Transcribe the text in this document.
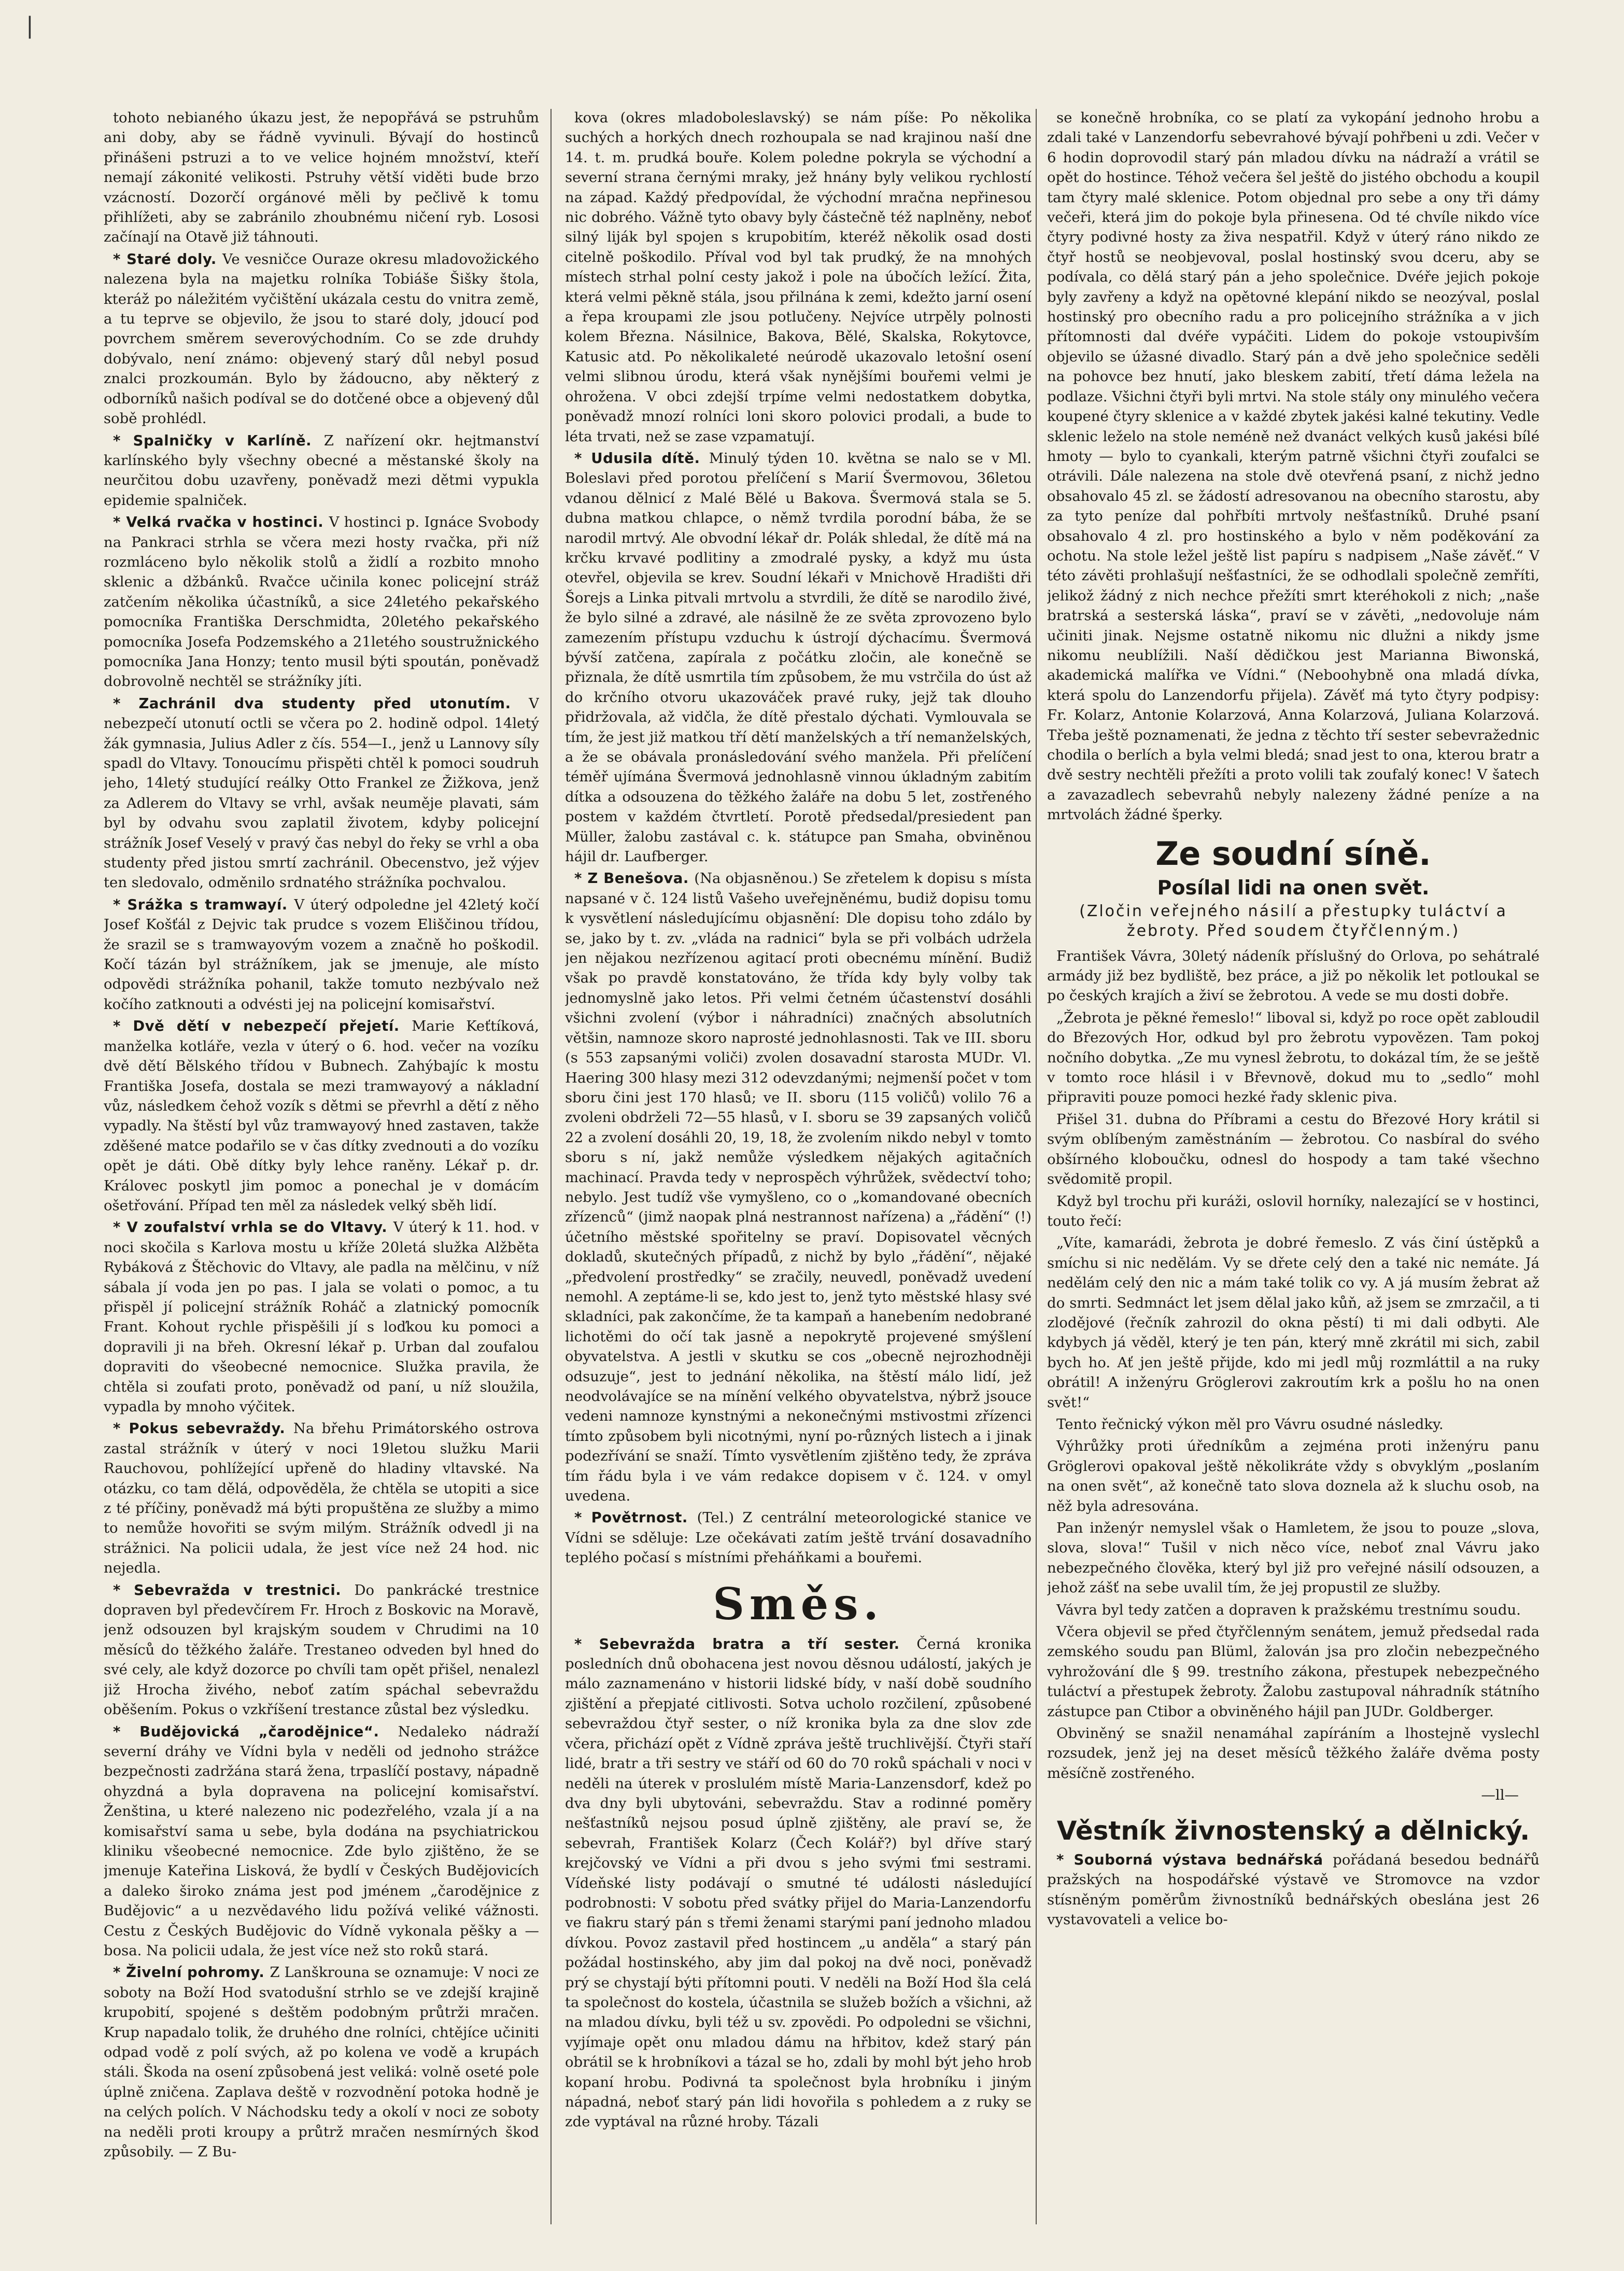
|

tohoto nebianého úkazu jest, že nepopřává se pstruhům ani doby, aby se řádně vyvinuli. Bývají do hostinců přinášeni pstruzi a to ve velice hojném množství, kteří nemají zákonité velikosti. Pstruhy větší viděti bude brzo vzácností. Dozorčí orgánové měli by pečlivě k tomu přihlížeti, aby se zabránilo zhoubnému ničení ryb. Lososi začínají na Otavě již táhnouti.

* Staré doly. Ve vesničce Ouraze okresu mladovožického nalezena byla na majetku rolníka Tobiáše Šišky štola, kteráž po náležitém vyčištění ukázala cestu do vnitra země, a tu teprve se objevilo, že jsou to staré doly, jdoucí pod povrchem směrem severovýchodním. Co se zde druhdy dobývalo, není známo: objevený starý důl nebyl posud znalci prozkoumán. Bylo by žádoucno, aby některý z odborníků našich podíval se do dotčené obce a objevený důl sobě prohlédl.

* Spalničky v Karlíně. Z nařízení okr. hejtmanství karlínského byly všechny obecné a městanské školy na neurčitou dobu uzavřeny, poněvadž mezi dětmi vypukla epidemie spalniček.

* Velká rvačka v hostinci. V hostinci p. Ignáce Svobody na Pankraci strhla se včera mezi hosty rvačka, při níž rozmláceno bylo několik stolů a židlí a rozbito mnoho sklenic a džbánků. Rvačce učinila konec policejní stráž zatčením několika účastníků, a sice 24letého pekařského pomocníka Františka Derschmidta, 20letého pekařského pomocníka Josefa Podzemského a 21letého soustružnického pomocníka Jana Honzy; tento musil býti spoután, poněvadž dobrovolně nechtěl se strážníky jíti.

* Zachránil dva studenty před utonutím. V nebezpečí utonutí octli se včera po 2. hodině odpol. 14letý žák gymnasia, Julius Adler z čís. 554—I., jenž u Lannovy síly spadl do Vltavy. Tonoucímu přispěti chtěl k pomoci soudruh jeho, 14letý studující reálky Otto Frankel ze Žižkova, jenž za Adlerem do Vltavy se vrhl, avšak neuměje plavati, sám byl by odvahu svou zaplatil životem, kdyby policejní strážník Josef Veselý v pravý čas nebyl do řeky se vrhl a oba studenty před jistou smrtí zachránil. Obecenstvo, jež výjev ten sledovalo, odměnilo srdnatého strážníka pochvalou.

* Srážka s tramwayí. V úterý odpoledne jel 42letý kočí Josef Košťál z Dejvic tak prudce s vozem Eliščinou třídou, že srazil se s tramwayovým vozem a značně ho poškodil. Kočí tázán byl strážníkem, jak se jmenuje, ale místo odpovědi strážníka pohanil, takže tomuto nezbývalo než kočího zatknouti a odvésti jej na policejní komisařství.

* Dvě dětí v nebezpečí přejetí. Marie Keťtíková, manželka kotláře, vezla v úterý o 6. hod. večer na vozíku dvě dětí Bělského třídou v Bubnech. Zahýbajíc k mostu Františka Josefa, dostala se mezi tramwayový a nákladní vůz, následkem čehož vozík s dětmi se převrhl a dětí z něho vypadly. Na štěstí byl vůz tramwayový hned zastaven, takže zděšené matce podařilo se v čas dítky zvednouti a do vozíku opět je dáti. Obě dítky byly lehce raněny. Lékař p. dr. Královec poskytl jim pomoc a ponechal je v domácím ošetřování. Případ ten měl za následek velký sběh lidí.

* V zoufalství vrhla se do Vltavy. V úterý k 11. hod. v noci skočila s Karlova mostu u kříže 20letá služka Alžběta Rybáková z Štěchovic do Vltavy, ale padla na mělčinu, v níž sábala jí voda jen po pas. I jala se volati o pomoc, a tu přispěl jí policejní strážník Roháč a zlatnický pomocník Frant. Kohout rychle přispěšili jí s loďkou ku pomoci a dopravili ji na břeh. Okresní lékař p. Urban dal zoufalou dopraviti do všeobecné nemocnice. Služka pravila, že chtěla si zoufati proto, poněvadž od paní, u níž sloužila, vypadla by mnoho výčitek.

* Pokus sebevraždy. Na břehu Primátorského ostrova zastal strážník v úterý v noci 19letou služku Marii Rauchovou, pohlížející upřeně do hladiny vltavské. Na otázku, co tam dělá, odpověděla, že chtěla se utopiti a sice z té příčiny, poněvadž má býti propuštěna ze služby a mimo to nemůže hovořiti se svým milým. Strážník odvedl ji na strážnici. Na policii udala, že jest více než 24 hod. nic nejedla.

* Sebevražda v trestnici. Do pankrácké trestnice dopraven byl předevčírem Fr. Hroch z Boskovic na Moravě, jenž odsouzen byl krajským soudem v Chrudimi na 10 měsíců do těžkého žaláře. Trestaneo odveden byl hned do své cely, ale když dozorce po chvíli tam opět přišel, nenalezl již Hrocha živého, neboť zatím spáchal sebevraždu oběšením. Pokus o vzkříšení trestance zůstal bez výsledku.

* Budějovická „čarodějnice“. Nedaleko nádraží severní dráhy ve Vídni byla v neděli od jednoho strážce bezpečnosti zadržána stará žena, trpaslíčí postavy, nápadně ohyzdná a byla dopravena na policejní komisařství. Ženština, u které nalezeno nic podezřelého, vzala jí a na komisařství sama u sebe, byla dodána na psychiatrickou kliniku všeobecné nemocnice. Zde bylo zjištěno, že se jmenuje Kateřina Lisková, že bydlí v Českých Budějovicích a daleko široko známa jest pod jménem „čarodějnice z Budějovic“ a u nezvědavého lidu požívá veliké vážnosti. Cestu z Českých Budějovic do Vídně vykonala pěšky a — bosa. Na policii udala, že jest více než sto roků stará.

* Živelní pohromy. Z Lanškrouna se oznamuje: V noci ze soboty na Boží Hod svatodušní strhlo se ve zdejší krajině krupobití, spojené s deštěm podobným průtrži mračen. Krup napadalo tolik, že druhého dne rolníci, chtějíce učiniti odpad vodě z polí svých, až po kolena ve vodě a krupách stáli. Škoda na osení způsobená jest veliká: volně oseté pole úplně zničena. Zaplava deště v rozvodnění potoka hodně je na celých polích. V Náchodsku tedy a okolí v noci ze soboty na neděli proti kroupy a průtrž mračen nesmírných škod způsobily. — Z Bu-

kova (okres mladoboleslavský) se nám píše: Po několika suchých a horkých dnech rozhoupala se nad krajinou naší dne 14. t. m. prudká bouře. Kolem poledne pokryla se východní a severní strana černými mraky, jež hnány byly velikou rychlostí na západ. Každý předpovídal, že východní mračna nepřinesou nic dobrého. Vážně tyto obavy byly částečně též naplněny, neboť silný liják byl spojen s krupobitím, kteréž několik osad dosti citelně poškodilo. Příval vod byl tak prudký, že na mnohých místech strhal polní cesty jakož i pole na úbočích ležící. Žita, která velmi pěkně stála, jsou přilnána k zemi, kdežto jarní osení a řepa kroupami zle jsou potlučeny. Nejvíce utrpěly polnosti kolem Března. Násilnice, Bakova, Bělé, Skalska, Rokytovce, Katusic atd. Po několikaleté neúrodě ukazovalo letošní osení velmi slibnou úrodu, která však nynějšími bouřemi velmi je ohrožena. V obci zdejší trpíme velmi nedostatkem dobytka, poněvadž mnozí rolníci loni skoro polovici prodali, a bude to léta trvati, než se zase vzpamatují.

* Udusila dítě. Minulý týden 10. května se nalo se v Ml. Boleslavi před porotou přelíčení s Marií Švermovou, 36letou vdanou dělnicí z Malé Bělé u Bakova. Švermová stala se 5. dubna matkou chlapce, o němž tvrdila porodní bába, že se narodil mrtvý. Ale obvodní lékař dr. Polák shledal, že dítě má na krčku krvavé podlitiny a zmodralé pysky, a když mu ústa otevřel, objevila se krev. Soudní lékaři v Mnichově Hradišti dři Šorejs a Linka pitvali mrtvolu a stvrdili, že dítě se narodilo živé, že bylo silné a zdravé, ale násilně že ze světa zprovozeno bylo zamezením přístupu vzduchu k ústrojí dýchacímu. Švermová bývší zatčena, zapírala z počátku zločin, ale konečně se přiznala, že dítě usmrtila tím způsobem, že mu vstrčila do úst až do krčního otvoru ukazováček pravé ruky, jejž tak dlouho přidržovala, až vidčla, že dítě přestalo dýchati. Vymlouvala se tím, že jest již matkou tří dětí manželských a tří nemanželských, a že se obávala pronásledování svého manžela. Při přelíčení téměř ujímána Švermová jednohlasně vinnou úkladným zabitím dítka a odsouzena do těžkého žaláře na dobu 5 let, zostřeného postem v každém čtvrtletí. Porotě předsedal/presiedent pan Müller, žalobu zastával c. k. státupce pan Smaha, obviněnou hájil dr. Laufberger.

* Z Benešova. (Na objasněnou.) Se zřetelem k dopisu s místa napsané v č. 124 listů Vašeho uveřejněnému, budiž dopisu tomu k vysvětlení následujícímu objasnění: Dle dopisu toho zdálo by se, jako by t. zv. „vláda na radnici“ byla se při volbách udržela jen nějakou nezřízenou agitací proti obecnému mínění. Budiž však po pravdě konstatováno, že třída kdy byly volby tak jednomyslně jako letos. Při velmi četném účastenství dosáhli všichni zvolení (výbor i náhradníci) značných absolutních většin, namnoze skoro naprosté jednohlasnosti. Tak ve III. sboru (s 553 zapsanými voliči) zvolen dosavadní starosta MUDr. Vl. Haering 300 hlasy mezi 312 odevzdanými; nejmenší počet v tom sboru čini jest 170 hlasů; ve II. sboru (115 voličů) volilo 76 a zvoleni obdrželi 72—55 hlasů, v I. sboru se 39 zapsaných voličů 22 a zvolení dosáhli 20, 19, 18, že zvolením nikdo nebyl v tomto sboru s ní, jakž nemůže výsledkem nějakých agitačních machinací. Pravda tedy v neprospěch výhrůžek, svědectví toho; nebylo. Jest tudíž vše vymyšleno, co o „komandované obecních zřízenců“ (jimž naopak plná nestrannost nařízena) a „řádění“ (!) účetního městské spořitelny se praví. Dopisovatel věcných dokladů, skutečných případů, z nichž by bylo „řádění“, nějaké „předvolení prostředky“ se zračily, neuvedl, poněvadž uvedení nemohl. A zeptáme-li se, kdo jest to, jenž tyto městské hlasy své skladníci, pak zakončíme, že ta kampaň a hanebením nedobrané lichotěmi do očí tak jasně a nepokrytě projevené smýšlení obyvatelstva. A jestli v skutku se cos „obecně nejrozhodněji odsuzuje“, jest to jednání několika, na štěstí málo lidí, jež neodvolávajíce se na mínění velkého obyvatelstva, nýbrž jsouce vedeni namnoze kynstnými a nekonečnými mstivostmi zřízenci tímto způsobem byli nicotnými, nyní po-různých listech a i jinak podezřívání se snaží. Tímto vysvětlením zjištěno tedy, že zpráva tím řádu byla i ve vám redakce dopisem v č. 124. v omyl uvedena.

* Povětrnost. (Tel.) Z centrální meteorologické stanice ve Vídni se sděluje: Lze očekávati zatím ještě trvání dosavadního teplého počasí s místními přeháňkami a bouřemi.

Směs.

* Sebevražda bratra a tří sester. Černá kronika posledních dnů obohacena jest novou děsnou událostí, jakých je málo zaznamenáno v historii lidské bídy, v naší době soudního zjištění a přepjaté citlivosti. Sotva ucholo rozčilení, způsobené sebevraždou čtyř sester, o níž kronika byla za dne slov zde včera, přichází opět z Vídně zpráva ještě truchlivější. Čtyři staří lidé, bratr a tři sestry ve stáří od 60 do 70 roků spáchali v noci v neděli na úterek v proslulém místě Maria-Lanzensdorf, kdež po dva dny byli ubytováni, sebevraždu. Stav a rodinné poměry nešťastníků nejsou posud úplně zjištěny, ale praví se, že sebevrah, František Kolarz (Čech Kolář?) byl dříve starý krejčovský ve Vídni a při dvou s jeho svými ťmi sestrami. Vídeňské listy podávají o smutné té události následující podrobnosti: V sobotu před svátky přijel do Maria-Lanzendorfu ve fiakru starý pán s třemi ženami starými paní jednoho mladou dívkou. Povoz zastavil před hostincem „u anděla“ a starý pán požádal hostinského, aby jim dal pokoj na dvě noci, poněvadž prý se chystají býti přítomni pouti. V neděli na Boží Hod šla celá ta společnost do kostela, účastnila se služeb božích a všichni, až na mladou dívku, byli též u sv. zpovědi. Po odpoledni se všichni, vyjímaje opět onu mladou dámu na hřbitov, kdež starý pán obrátil se k hrobníkovi a tázal se ho, zdali by mohl být jeho hrob kopaní hrobu. Podivná ta společnost byla hrobníku i jiným nápadná, neboť starý pán lidi hovořila s pohledem a z ruky se zde vyptával na různé hroby. Tázali

se konečně hrobníka, co se platí za vykopání jednoho hrobu a zdali také v Lanzendorfu sebevrahové bývají pohřbeni u zdi. Večer v 6 hodin doprovodil starý pán mladou dívku na nádraží a vrátil se opět do hostince. Téhož večera šel ještě do jistého obchodu a koupil tam čtyry malé sklenice. Potom objednal pro sebe a ony tři dámy večeři, která jim do pokoje byla přinesena. Od té chvíle nikdo více čtyry podivné hosty za živa nespatřil. Když v úterý ráno nikdo ze čtyř hostů se neobjevoval, poslal hostinský svou dceru, aby se podívala, co dělá starý pán a jeho společnice. Dvéře jejich pokoje byly zavřeny a když na opětovné klepání nikdo se neozýval, poslal hostinský pro obecního radu a pro policejního strážníka a v jich přítomnosti dal dvéře vypáčiti. Lidem do pokoje vstoupivším objevilo se úžasné divadlo. Starý pán a dvě jeho společnice seděli na pohovce bez hnutí, jako bleskem zabití, třetí dáma ležela na podlaze. Všichni čtyři byli mrtvi. Na stole stály ony minulého večera koupené čtyry sklenice a v každé zbytek jakési kalné tekutiny. Vedle sklenic leželo na stole neméně než dvanáct velkých kusů jakési bílé hmoty — bylo to cyankali, kterým patrně všichni čtyři zoufalci se otrávili. Dále nalezena na stole dvě otevřená psaní, z nichž jedno obsahovalo 45 zl. se žádostí adresovanou na obecního starostu, aby za tyto peníze dal pohřbíti mrtvoly nešťastníků. Druhé psaní obsahovalo 4 zl. pro hostinského a bylo v něm poděkování za ochotu. Na stole ležel ještě list papíru s nadpisem „Naše závěť.“ V této závěti prohlašují nešťastníci, že se odhodlali společně zemříti, jelikož žádný z nich nechce přežíti smrt kteréhokoli z nich; „naše bratrská a sesterská láska“, praví se v závěti, „nedovoluje nám učiniti jinak. Nejsme ostatně nikomu nic dlužni a nikdy jsme nikomu neublížili. Naší dědičkou jest Marianna Biwonská, akademická malířka ve Vídni.“ (Neboohybně ona mladá dívka, která spolu do Lanzendorfu přijela). Závěť má tyto čtyry podpisy: Fr. Kolarz, Antonie Kolarzová, Anna Kolarzová, Juliana Kolarzová. Třeba ještě poznamenati, že jedna z těchto tří sester sebevražednic chodila o berlích a byla velmi bledá; snad jest to ona, kterou bratr a dvě sestry nechtěli přežíti a proto volili tak zoufalý konec! V šatech a zavazadlech sebevrahů nebyly nalezeny žádné peníze a na mrtvolách žádné šperky.

Ze soudní síně.
Posílal lidi na onen svět.
(Zločin veřejného násilí a přestupky tuláctví a žebroty. Před soudem čtyřčlenným.)

František Vávra, 30letý nádeník příslušný do Orlova, po sehátralé armády již bez bydliště, bez práce, a již po několik let potloukal se po českých krajích a živí se žebrotou. A vede se mu dosti dobře.

„Žebrota je pěkné řemeslo!“ liboval si, když po roce opět zabloudil do Březových Hor, odkud byl pro žebrotu vypovězen. Tam pokoj nočního dobytka. „Ze mu vynesl žebrotu, to dokázal tím, že se ještě v tomto roce hlásil i v Břevnově, dokud mu to „sedlo“ mohl připraviti pouze pomoci hezké řady sklenic piva.

Přišel 31. dubna do Příbrami a cestu do Březové Hory krátil si svým oblíbeným zaměstnáním — žebrotou. Co nasbíral do svého obšírného kloboučku, odnesl do hospody a tam také všechno svědomitě propil.

Když byl trochu při kuráži, oslovil horníky, nalezající se v hostinci, touto řečí:

„Víte, kamarádi, žebrota je dobré řemeslo. Z vás činí ústěpků a smíchu si nic nedělám. Vy se dřete celý den a také nic nemáte. Já nedělám celý den nic a mám také tolik co vy. A já musím žebrat až do smrti. Sedmnáct let jsem dělal jako kůň, až jsem se zmrzačil, a ti zlodějové (řečník zahrozil do okna pěstí) ti mi dali odbyti. Ale kdybych já věděl, který je ten pán, který mně zkrátil mi sich, zabil bych ho. Ať jen ještě přijde, kdo mi jedl můj rozmláttil a na ruky obrátil! A inženýru Gröglerovi zakroutím krk a pošlu ho na onen svět!“

Tento řečnický výkon měl pro Vávru osudné následky.

Výhrůžky proti úředníkům a zejména proti inženýru panu Gröglerovi opakoval ještě několikráte vždy s obvyklým „poslaním na onen svět“, až konečně tato slova doznela až k sluchu osob, na něž byla adresována.

Pan inženýr nemyslel však o Hamletem, že jsou to pouze „slova, slova, slova!“ Tušil v nich něco více, neboť znal Vávru jako nebezpečného člověka, který byl již pro veřejné násilí odsouzen, a jehož zášť na sebe uvalil tím, že jej propustil ze služby.

Vávra byl tedy zatčen a dopraven k pražskému trestnímu soudu.

Včera objevil se před čtyřčlenným senátem, jemuž předsedal rada zemského soudu pan Blüml, žalován jsa pro zločin nebezpečného vyhrožování dle § 99. trestního zákona, přestupek nebezpečného tuláctví a přestupek žebroty. Žalobu zastupoval náhradník státního zástupce pan Ctibor a obviněného hájil pan JUDr. Goldberger.

Obviněný se snažil nenamáhal zapíráním a lhostejně vyslechl rozsudek, jenž jej na deset měsíců těžkého žaláře dvěma posty měsíčně zostřeného.

—ll—
Věstník živnostenský a dělnický.

* Souborná výstava bednářská pořádaná besedou bednářů pražských na hospodářské výstavě ve Stromovce na vzdor stísněným poměrům živnostníků bednářských obeslána jest 26 vystavovateli a velice bo-
